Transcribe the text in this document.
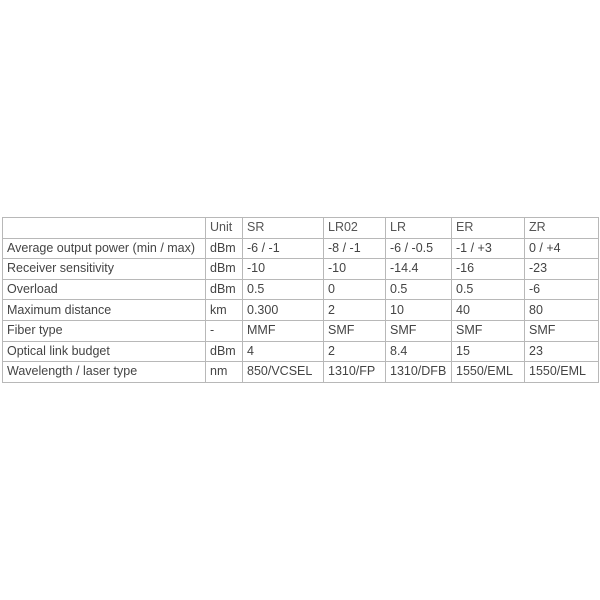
	Unit	SR	LR02	LR	ER	ZR
Average output power (min / max)	dBm	-6 / -1	-8 / -1	-6 / -0.5	-1 / +3	0 / +4
Receiver sensitivity	dBm	-10	-10	-14.4	-16	-23
Overload	dBm	0.5	0	0.5	0.5	-6
Maximum distance	km	0.300	2	10	40	80
Fiber type	-	MMF	SMF	SMF	SMF	SMF
Optical link budget	dBm	4	2	8.4	15	23
Wavelength / laser type	nm	850/VCSEL	1310/FP	1310/DFB	1550/EML	1550/EML
